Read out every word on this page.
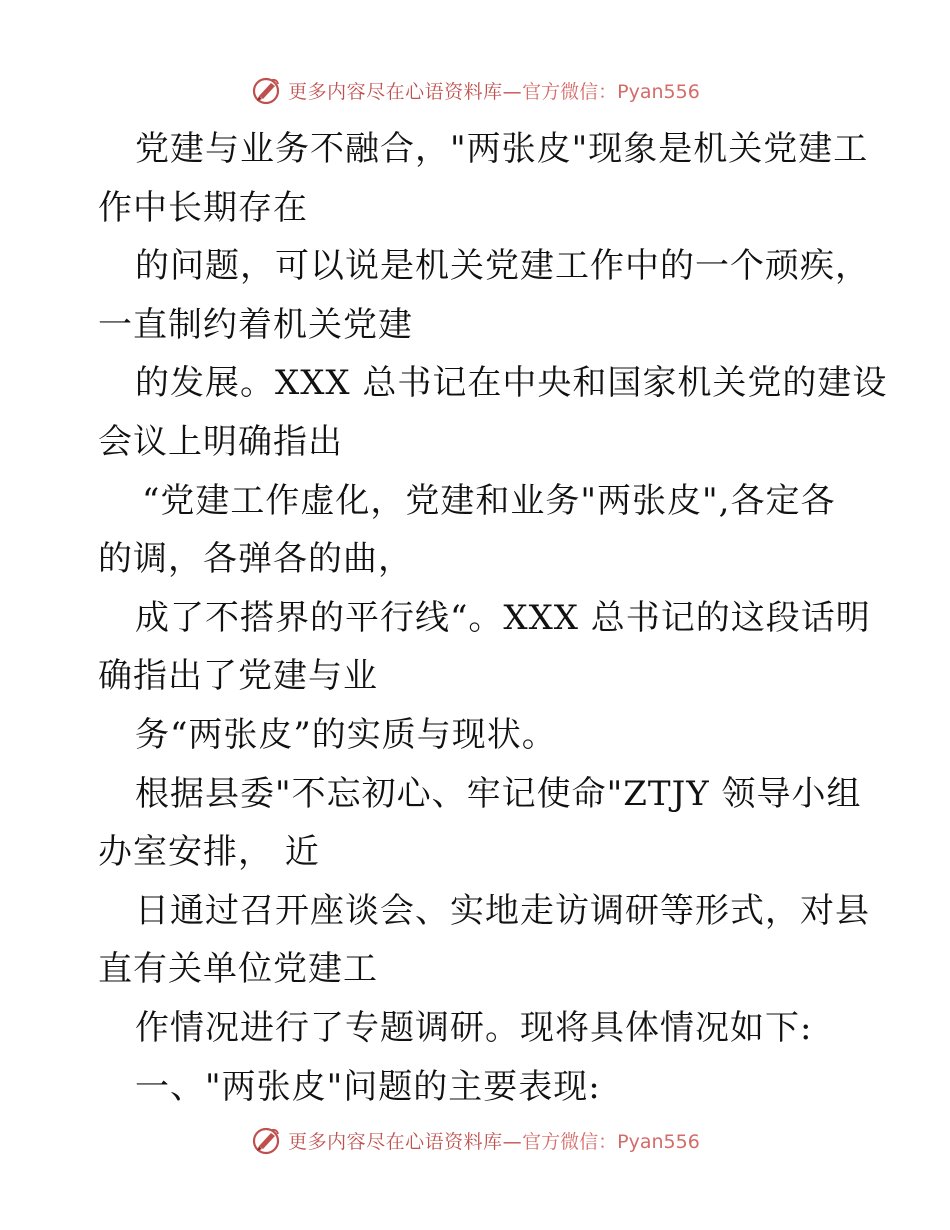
更多内容尽在心语资料库— 官方微信：Pyan556
党建与业务不融合，"两张皮"现象是机关党建工
作中长期存在
的问题，可以说是机关党建工作中的一个顽疾，
一直制约着机关党建
的发展。XXX 总书记在中央和国家机关党的建设
会议上明确指出
“党建工作虚化，党建和业务"两张皮",各定各
的调，各弹各的曲，
成了不搭界的平行线“。XXX 总书记的这段话明
确指出了党建与业
务“两张皮”的实质与现状。
根据县委"不忘初心、牢记使命"ZTJY 领导小组
办室安排， 近
日通过召开座谈会、实地走访调研等形式，对县
直有关单位党建工
作情况进行了专题调研。现将具体情况如下:
一、"两张皮"问题的主要表现:
更多内容尽在心语资料库— 官方微信：Pyan556
